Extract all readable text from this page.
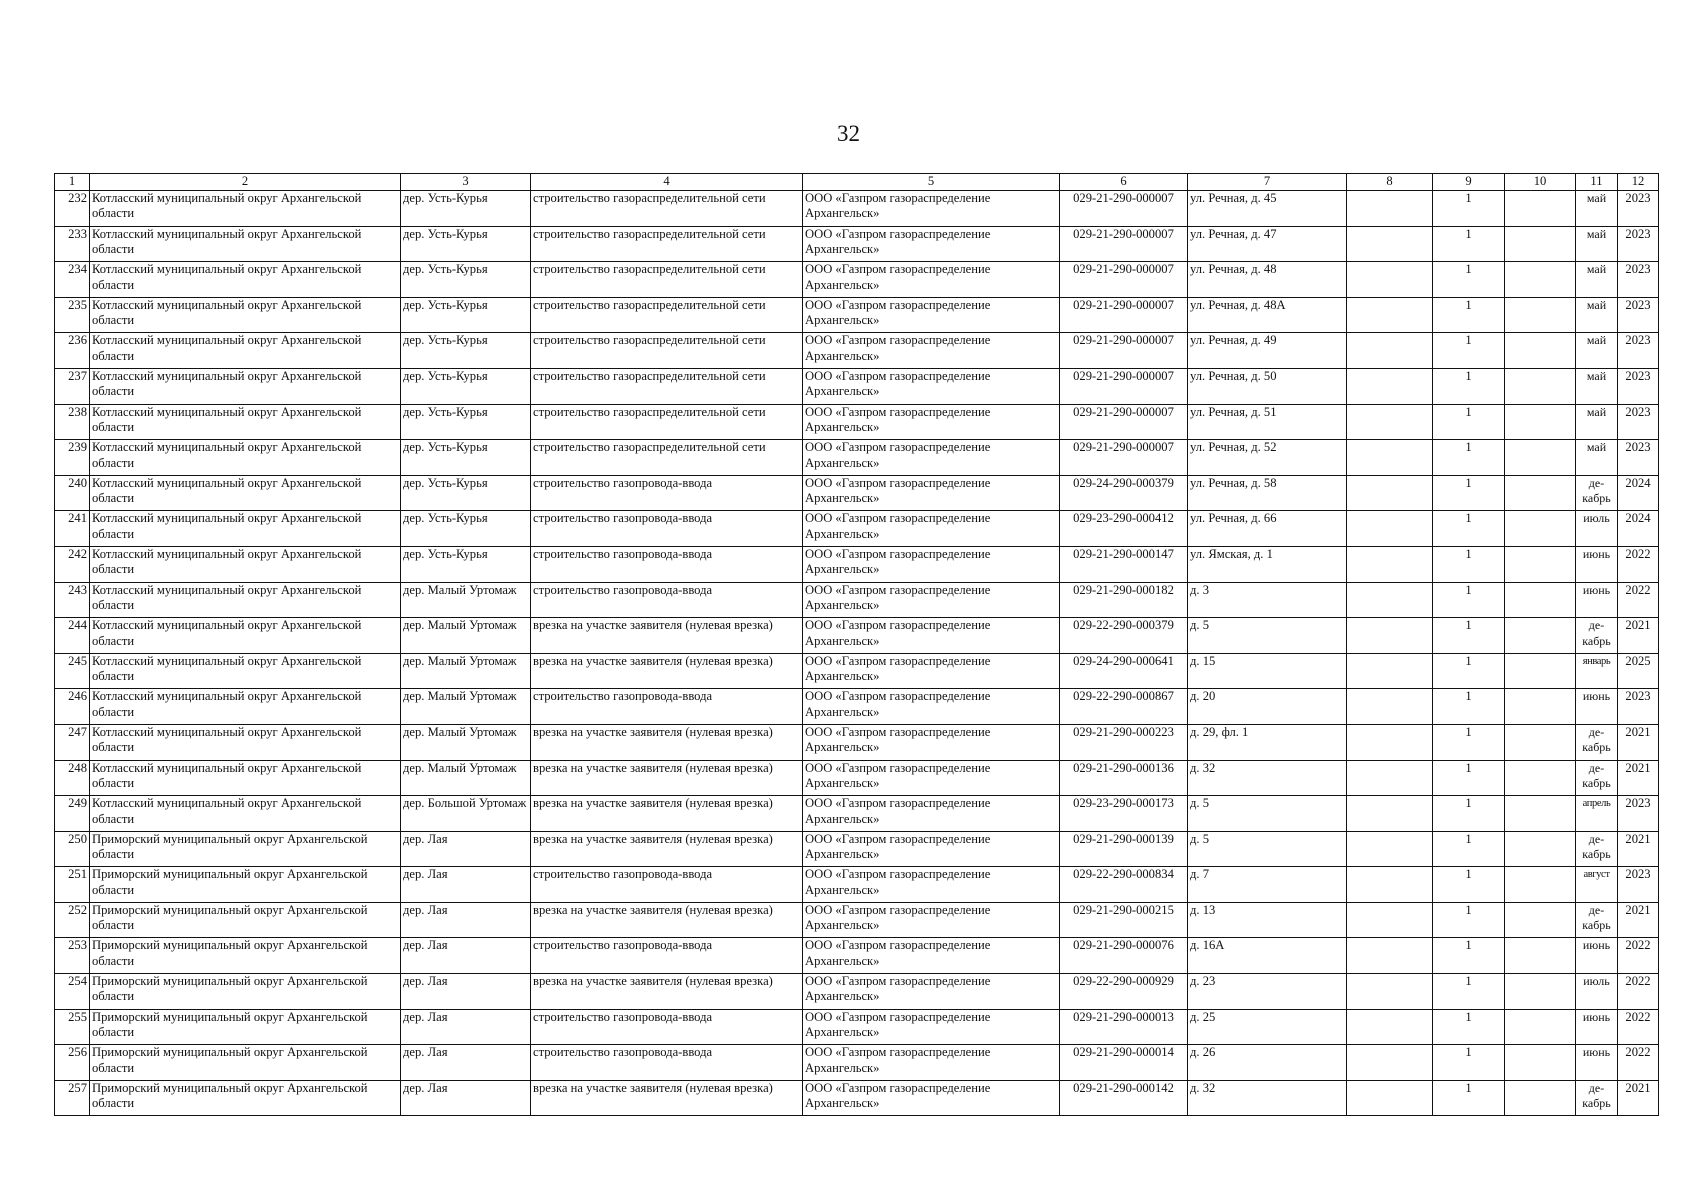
32
1	2	3	4	5	6	7	8	9	10	11	12
232	Котласский муниципальный округ Архангельской области	дер. Усть-Курья	строительство газораспределительной сети	ООО «Газпром газораспределение Архангельск»	029-21-290-000007	ул. Речная, д. 45		1		май	2023
233	Котласский муниципальный округ Архангельской области	дер. Усть-Курья	строительство газораспределительной сети	ООО «Газпром газораспределение Архангельск»	029-21-290-000007	ул. Речная, д. 47		1		май	2023
234	Котласский муниципальный округ Архангельской области	дер. Усть-Курья	строительство газораспределительной сети	ООО «Газпром газораспределение Архангельск»	029-21-290-000007	ул. Речная, д. 48		1		май	2023
235	Котласский муниципальный округ Архангельской области	дер. Усть-Курья	строительство газораспределительной сети	ООО «Газпром газораспределение Архангельск»	029-21-290-000007	ул. Речная, д. 48А		1		май	2023
236	Котласский муниципальный округ Архангельской области	дер. Усть-Курья	строительство газораспределительной сети	ООО «Газпром газораспределение Архангельск»	029-21-290-000007	ул. Речная, д. 49		1		май	2023
237	Котласский муниципальный округ Архангельской области	дер. Усть-Курья	строительство газораспределительной сети	ООО «Газпром газораспределение Архангельск»	029-21-290-000007	ул. Речная, д. 50		1		май	2023
238	Котласский муниципальный округ Архангельской области	дер. Усть-Курья	строительство газораспределительной сети	ООО «Газпром газораспределение Архангельск»	029-21-290-000007	ул. Речная, д. 51		1		май	2023
239	Котласский муниципальный округ Архангельской области	дер. Усть-Курья	строительство газораспределительной сети	ООО «Газпром газораспределение Архангельск»	029-21-290-000007	ул. Речная, д. 52		1		май	2023
240	Котласский муниципальный округ Архангельской области	дер. Усть-Курья	строительство газопровода-ввода	ООО «Газпром газораспределение Архангельск»	029-24-290-000379	ул. Речная, д. 58		1		де-кабрь	2024
241	Котласский муниципальный округ Архангельской области	дер. Усть-Курья	строительство газопровода-ввода	ООО «Газпром газораспределение Архангельск»	029-23-290-000412	ул. Речная, д. 66		1		июль	2024
242	Котласский муниципальный округ Архангельской области	дер. Усть-Курья	строительство газопровода-ввода	ООО «Газпром газораспределение Архангельск»	029-21-290-000147	ул. Ямская, д. 1		1		июнь	2022
243	Котласский муниципальный округ Архангельской области	дер. Малый Уртомаж	строительство газопровода-ввода	ООО «Газпром газораспределение Архангельск»	029-21-290-000182	д. 3		1		июнь	2022
244	Котласский муниципальный округ Архангельской области	дер. Малый Уртомаж	врезка на участке заявителя (нулевая врезка)	ООО «Газпром газораспределение Архангельск»	029-22-290-000379	д. 5		1		де-кабрь	2021
245	Котласский муниципальный округ Архангельской области	дер. Малый Уртомаж	врезка на участке заявителя (нулевая врезка)	ООО «Газпром газораспределение Архангельск»	029-24-290-000641	д. 15		1		январь	2025
246	Котласский муниципальный округ Архангельской области	дер. Малый Уртомаж	строительство газопровода-ввода	ООО «Газпром газораспределение Архангельск»	029-22-290-000867	д. 20		1		июнь	2023
247	Котласский муниципальный округ Архангельской области	дер. Малый Уртомаж	врезка на участке заявителя (нулевая врезка)	ООО «Газпром газораспределение Архангельск»	029-21-290-000223	д. 29, фл. 1		1		де-кабрь	2021
248	Котласский муниципальный округ Архангельской области	дер. Малый Уртомаж	врезка на участке заявителя (нулевая врезка)	ООО «Газпром газораспределение Архангельск»	029-21-290-000136	д. 32		1		де-кабрь	2021
249	Котласский муниципальный округ Архангельской области	дер. Большой Уртомаж	врезка на участке заявителя (нулевая врезка)	ООО «Газпром газораспределение Архангельск»	029-23-290-000173	д. 5		1		апрель	2023
250	Приморский муниципальный округ Архангельской области	дер. Лая	врезка на участке заявителя (нулевая врезка)	ООО «Газпром газораспределение Архангельск»	029-21-290-000139	д. 5		1		де-кабрь	2021
251	Приморский муниципальный округ Архангельской области	дер. Лая	строительство газопровода-ввода	ООО «Газпром газораспределение Архангельск»	029-22-290-000834	д. 7		1		август	2023
252	Приморский муниципальный округ Архангельской области	дер. Лая	врезка на участке заявителя (нулевая врезка)	ООО «Газпром газораспределение Архангельск»	029-21-290-000215	д. 13		1		де-кабрь	2021
253	Приморский муниципальный округ Архангельской области	дер. Лая	строительство газопровода-ввода	ООО «Газпром газораспределение Архангельск»	029-21-290-000076	д. 16А		1		июнь	2022
254	Приморский муниципальный округ Архангельской области	дер. Лая	врезка на участке заявителя (нулевая врезка)	ООО «Газпром газораспределение Архангельск»	029-22-290-000929	д. 23		1		июль	2022
255	Приморский муниципальный округ Архангельской области	дер. Лая	строительство газопровода-ввода	ООО «Газпром газораспределение Архангельск»	029-21-290-000013	д. 25		1		июнь	2022
256	Приморский муниципальный округ Архангельской области	дер. Лая	строительство газопровода-ввода	ООО «Газпром газораспределение Архангельск»	029-21-290-000014	д. 26		1		июнь	2022
257	Приморский муниципальный округ Архангельской области	дер. Лая	врезка на участке заявителя (нулевая врезка)	ООО «Газпром газораспределение Архангельск»	029-21-290-000142	д. 32		1		де-кабрь	2021
